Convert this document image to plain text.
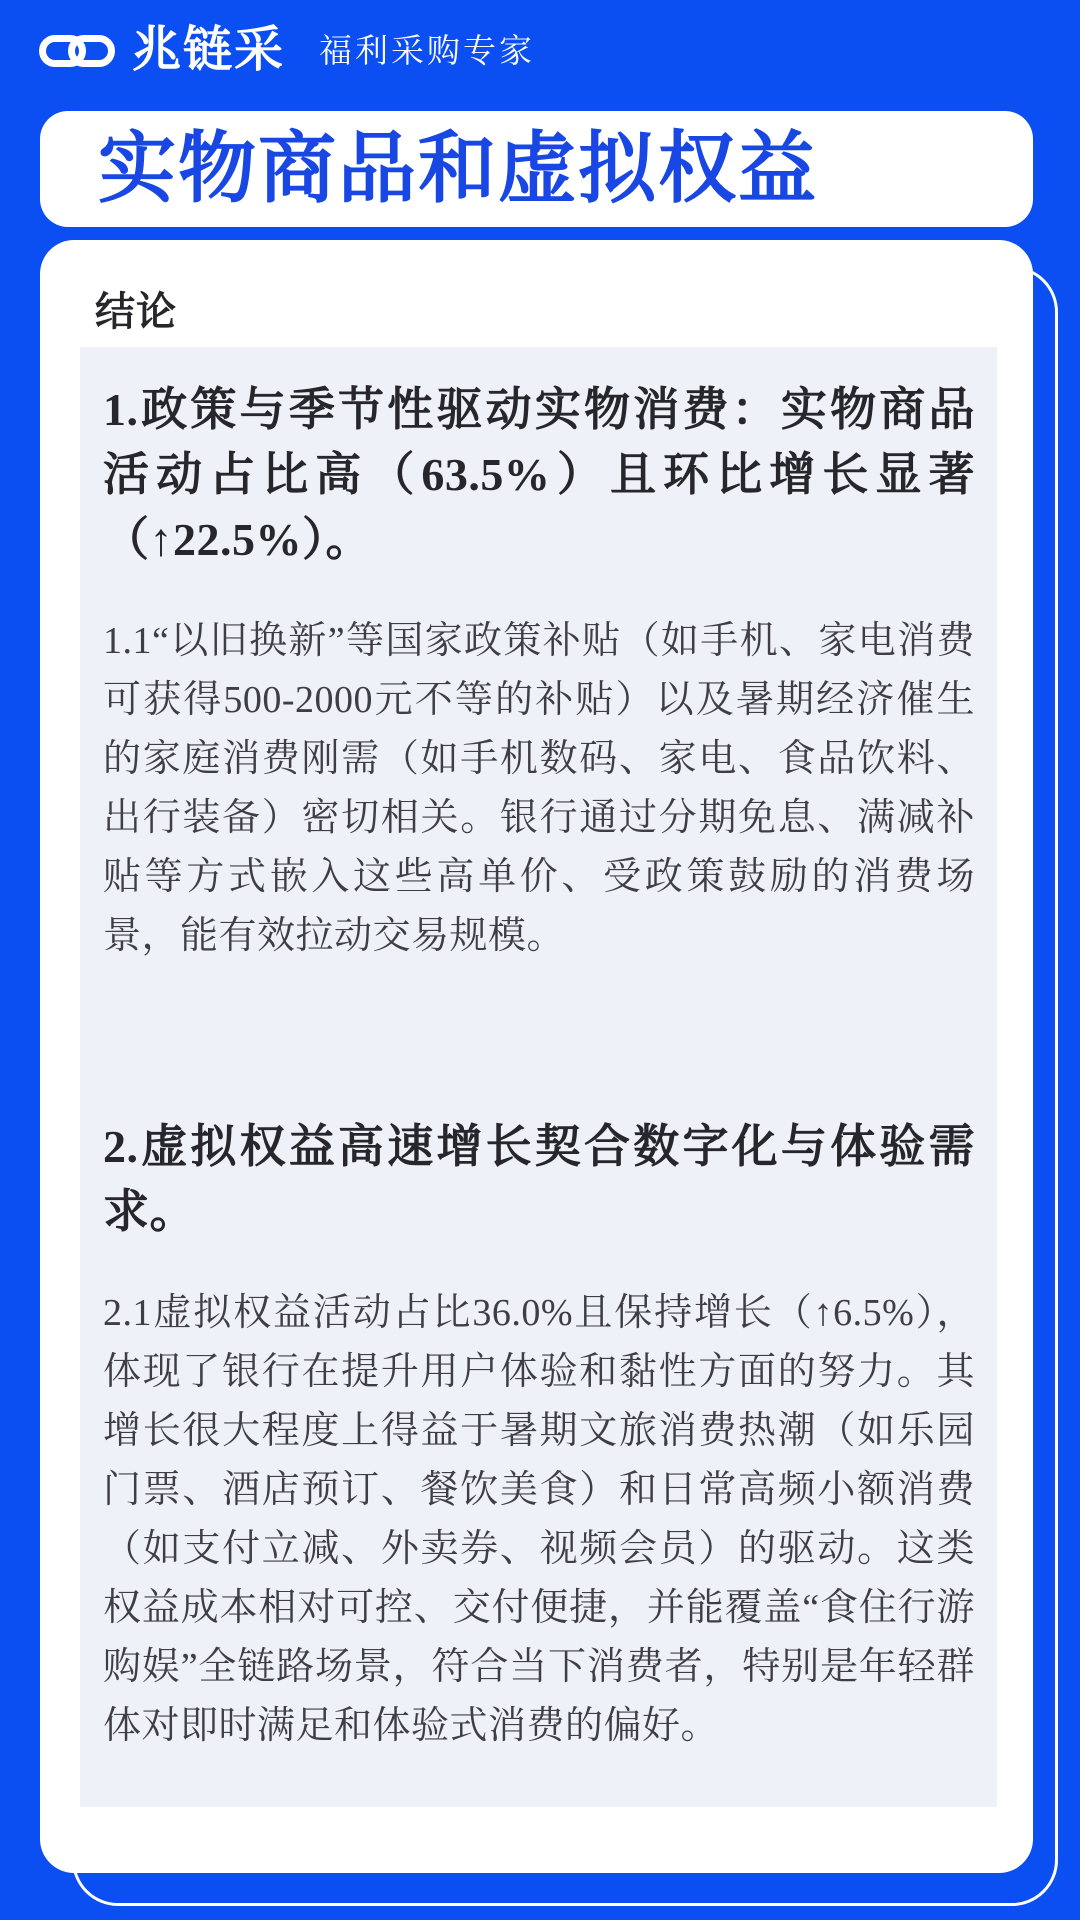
兆链采 福利采购专家
实物商品和虚拟权益
结论
1.政策与季节性驱动实物消费：实物商品活动占比高（63.5%）且环比增长显著（↑22.5%）。
1.1“以旧换新”等国家政策补贴（如手机、家电消费可获得500-2000元不等的补贴）以及暑期经济催生的家庭消费刚需（如手机数码、家电、食品饮料、出行装备）密切相关。银行通过分期免息、满减补贴等方式嵌入这些高单价、受政策鼓励的消费场景，能有效拉动交易规模。
2.虚拟权益高速增长契合数字化与体验需求。
2.1虚拟权益活动占比36.0%且保持增长（↑6.5%），体现了银行在提升用户体验和黏性方面的努力。其增长很大程度上得益于暑期文旅消费热潮（如乐园门票、酒店预订、餐饮美食）和日常高频小额消费（如支付立减、外卖券、视频会员）的驱动。这类权益成本相对可控、交付便捷，并能覆盖“食住行游购娱”全链路场景，符合当下消费者，特别是年轻群体对即时满足和体验式消费的偏好。
